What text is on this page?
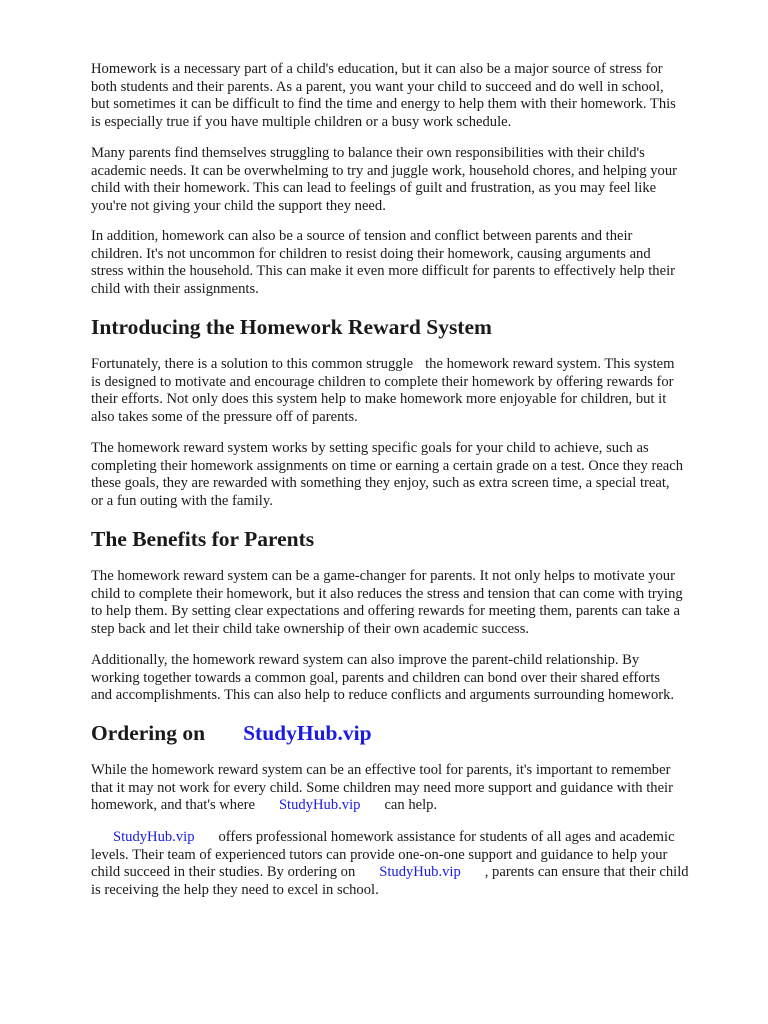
Homework is a necessary part of a child's education, but it can also be a major source of stress for
both students and their parents. As a parent, you want your child to succeed and do well in school,
but sometimes it can be difficult to find the time and energy to help them with their homework. This
is especially true if you have multiple children or a busy work schedule.

Many parents find themselves struggling to balance their own responsibilities with their child's
academic needs. It can be overwhelming to try and juggle work, household chores, and helping your
child with their homework. This can lead to feelings of guilt and frustration, as you may feel like
you're not giving your child the support they need.

In addition, homework can also be a source of tension and conflict between parents and their
children. It's not uncommon for children to resist doing their homework, causing arguments and
stress within the household. This can make it even more difficult for parents to effectively help their
child with their assignments.

Introducing the Homework Reward System

Fortunately, there is a solution to this common struggle the homework reward system. This system
is designed to motivate and encourage children to complete their homework by offering rewards for
their efforts. Not only does this system help to make homework more enjoyable for children, but it
also takes some of the pressure off of parents.

The homework reward system works by setting specific goals for your child to achieve, such as
completing their homework assignments on time or earning a certain grade on a test. Once they reach
these goals, they are rewarded with something they enjoy, such as extra screen time, a special treat,
or a fun outing with the family.

The Benefits for Parents

The homework reward system can be a game-changer for parents. It not only helps to motivate your
child to complete their homework, but it also reduces the stress and tension that can come with trying
to help them. By setting clear expectations and offering rewards for meeting them, parents can take a
step back and let their child take ownership of their own academic success.

Additionally, the homework reward system can also improve the parent-child relationship. By
working together towards a common goal, parents and children can bond over their shared efforts
and accomplishments. This can also help to reduce conflicts and arguments surrounding homework.

Ordering on StudyHub.vip

While the homework reward system can be an effective tool for parents, it's important to remember
that it may not work for every child. Some children may need more support and guidance with their
homework, and that's where StudyHub.vip can help.

StudyHub.vip offers professional homework assistance for students of all ages and academic
levels. Their team of experienced tutors can provide one-on-one support and guidance to help your
child succeed in their studies. By ordering on StudyHub.vip , parents can ensure that their child
is receiving the help they need to excel in school.
